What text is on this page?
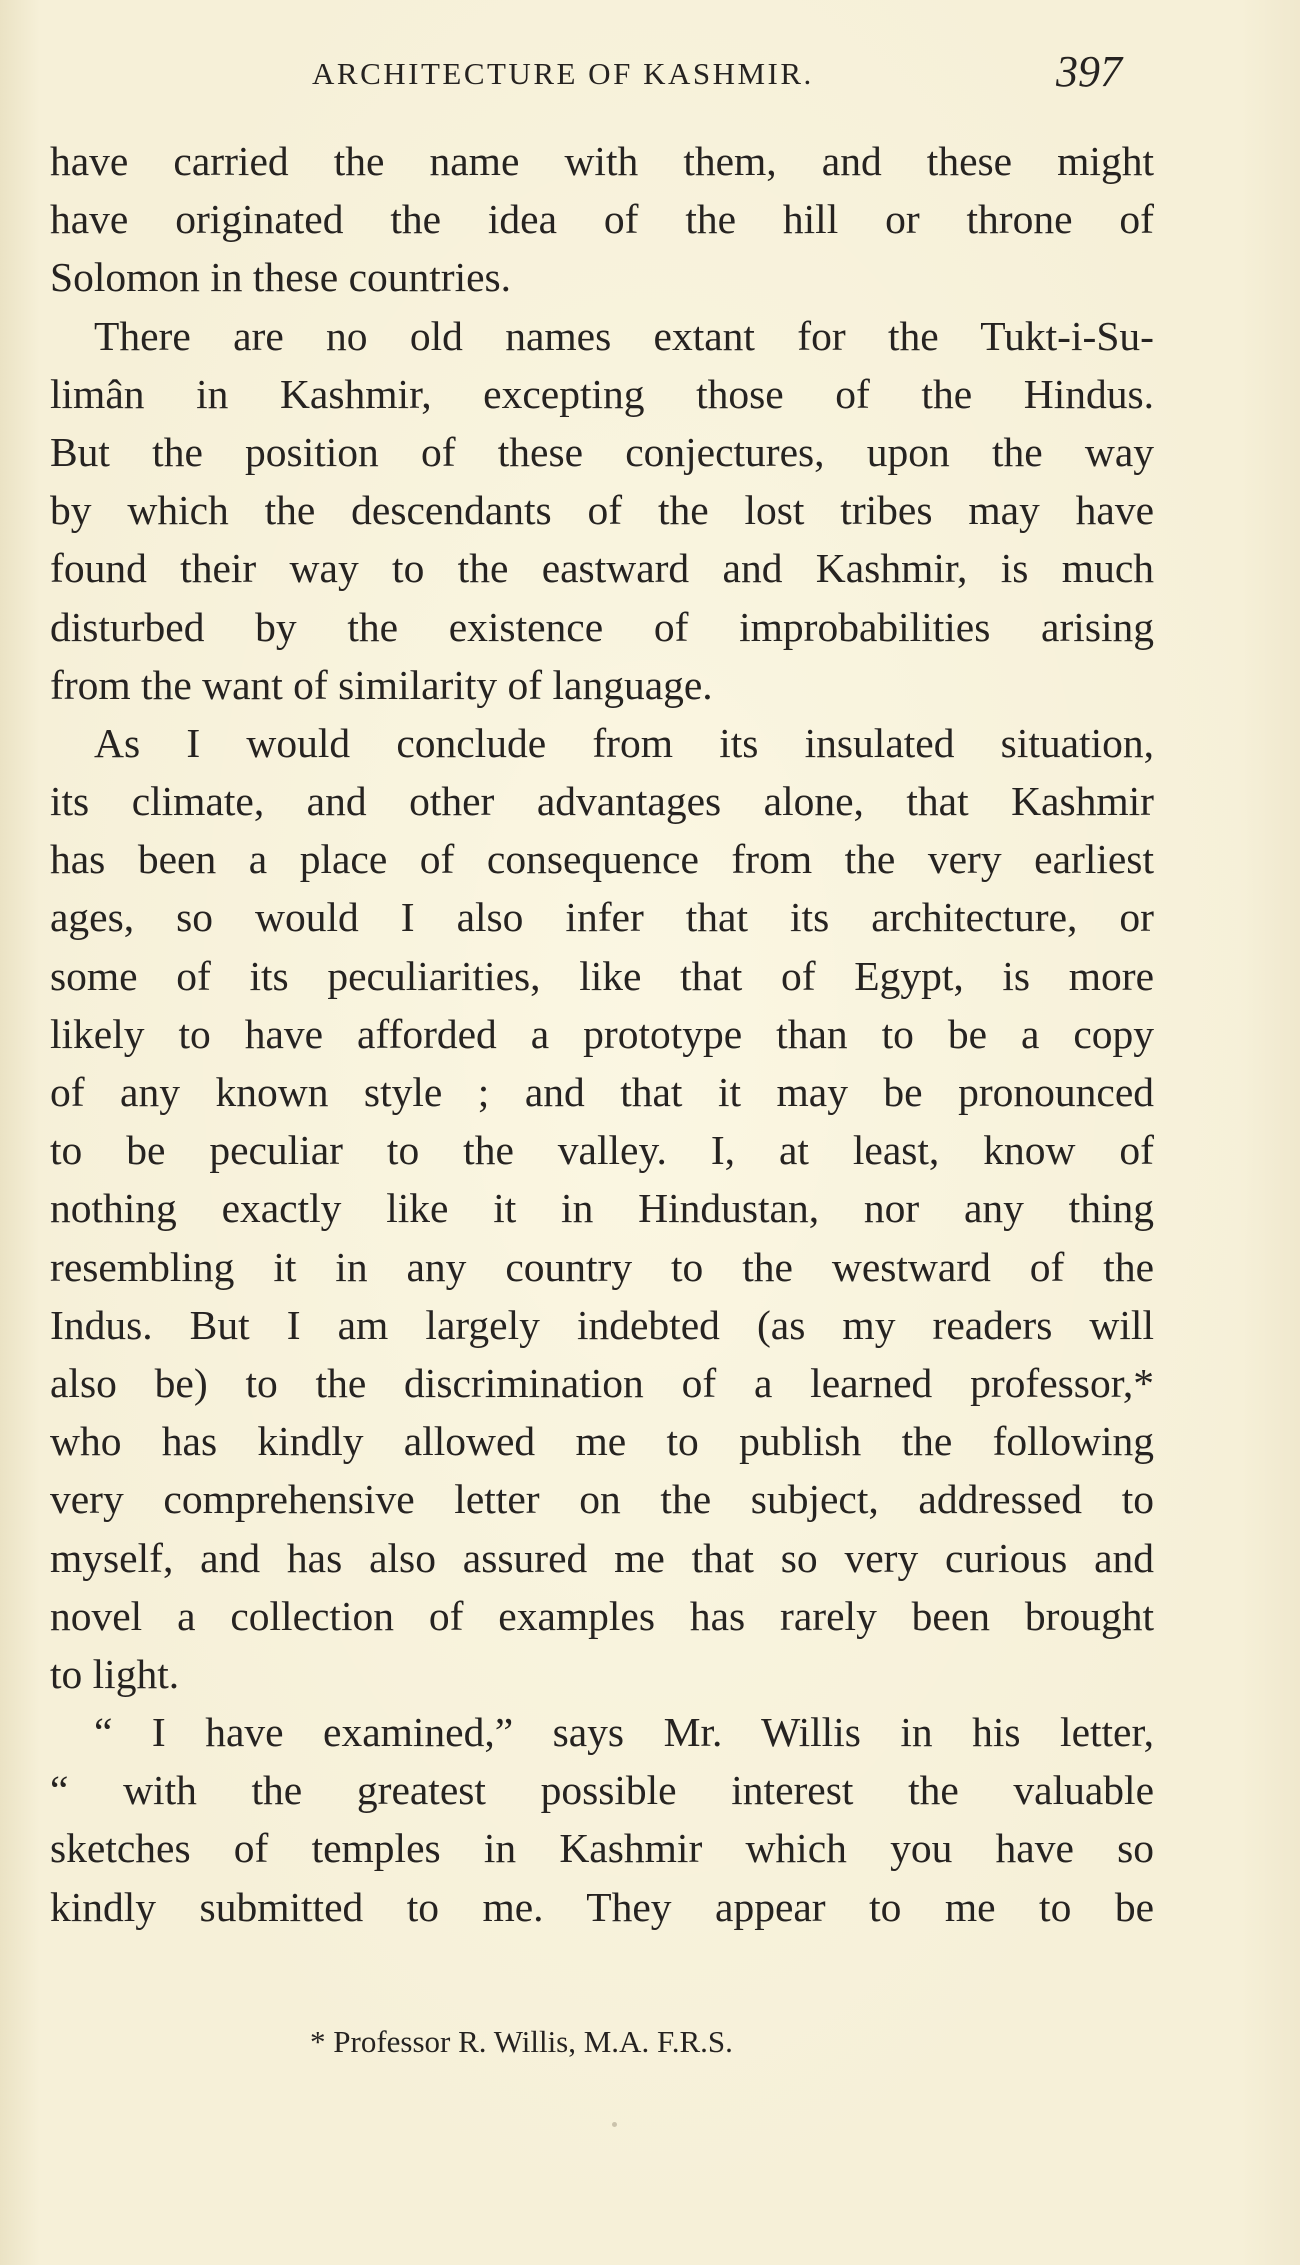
ARCHITECTURE OF KASHMIR.	397
have carried the name with them, and these might
have originated the idea of the hill or throne of
Solomon in these countries.
There are no old names extant for the Tukt-i-Su-
limân in Kashmir, excepting those of the Hindus.
But the position of these conjectures, upon the way
by which the descendants of the lost tribes may have
found their way to the eastward and Kashmir, is much
disturbed by the existence of improbabilities arising
from the want of similarity of language.
As I would conclude from its insulated situation,
its climate, and other advantages alone, that Kashmir
has been a place of consequence from the very earliest
ages, so would I also infer that its architecture, or
some of its peculiarities, like that of Egypt, is more
likely to have afforded a prototype than to be a copy
of any known style ; and that it may be pronounced
to be peculiar to the valley. I, at least, know of
nothing exactly like it in Hindustan, nor any thing
resembling it in any country to the westward of the
Indus. But I am largely indebted (as my readers will
also be) to the discrimination of a learned professor,*
who has kindly allowed me to publish the following
very comprehensive letter on the subject, addressed to
myself, and has also assured me that so very curious and
novel a collection of examples has rarely been brought
to light.
“ I have examined,” says Mr. Willis in his letter,
“ with the greatest possible interest the valuable
sketches of temples in Kashmir which you have so
kindly submitted to me. They appear to me to be
* Professor R. Willis, M.A. F.R.S.
